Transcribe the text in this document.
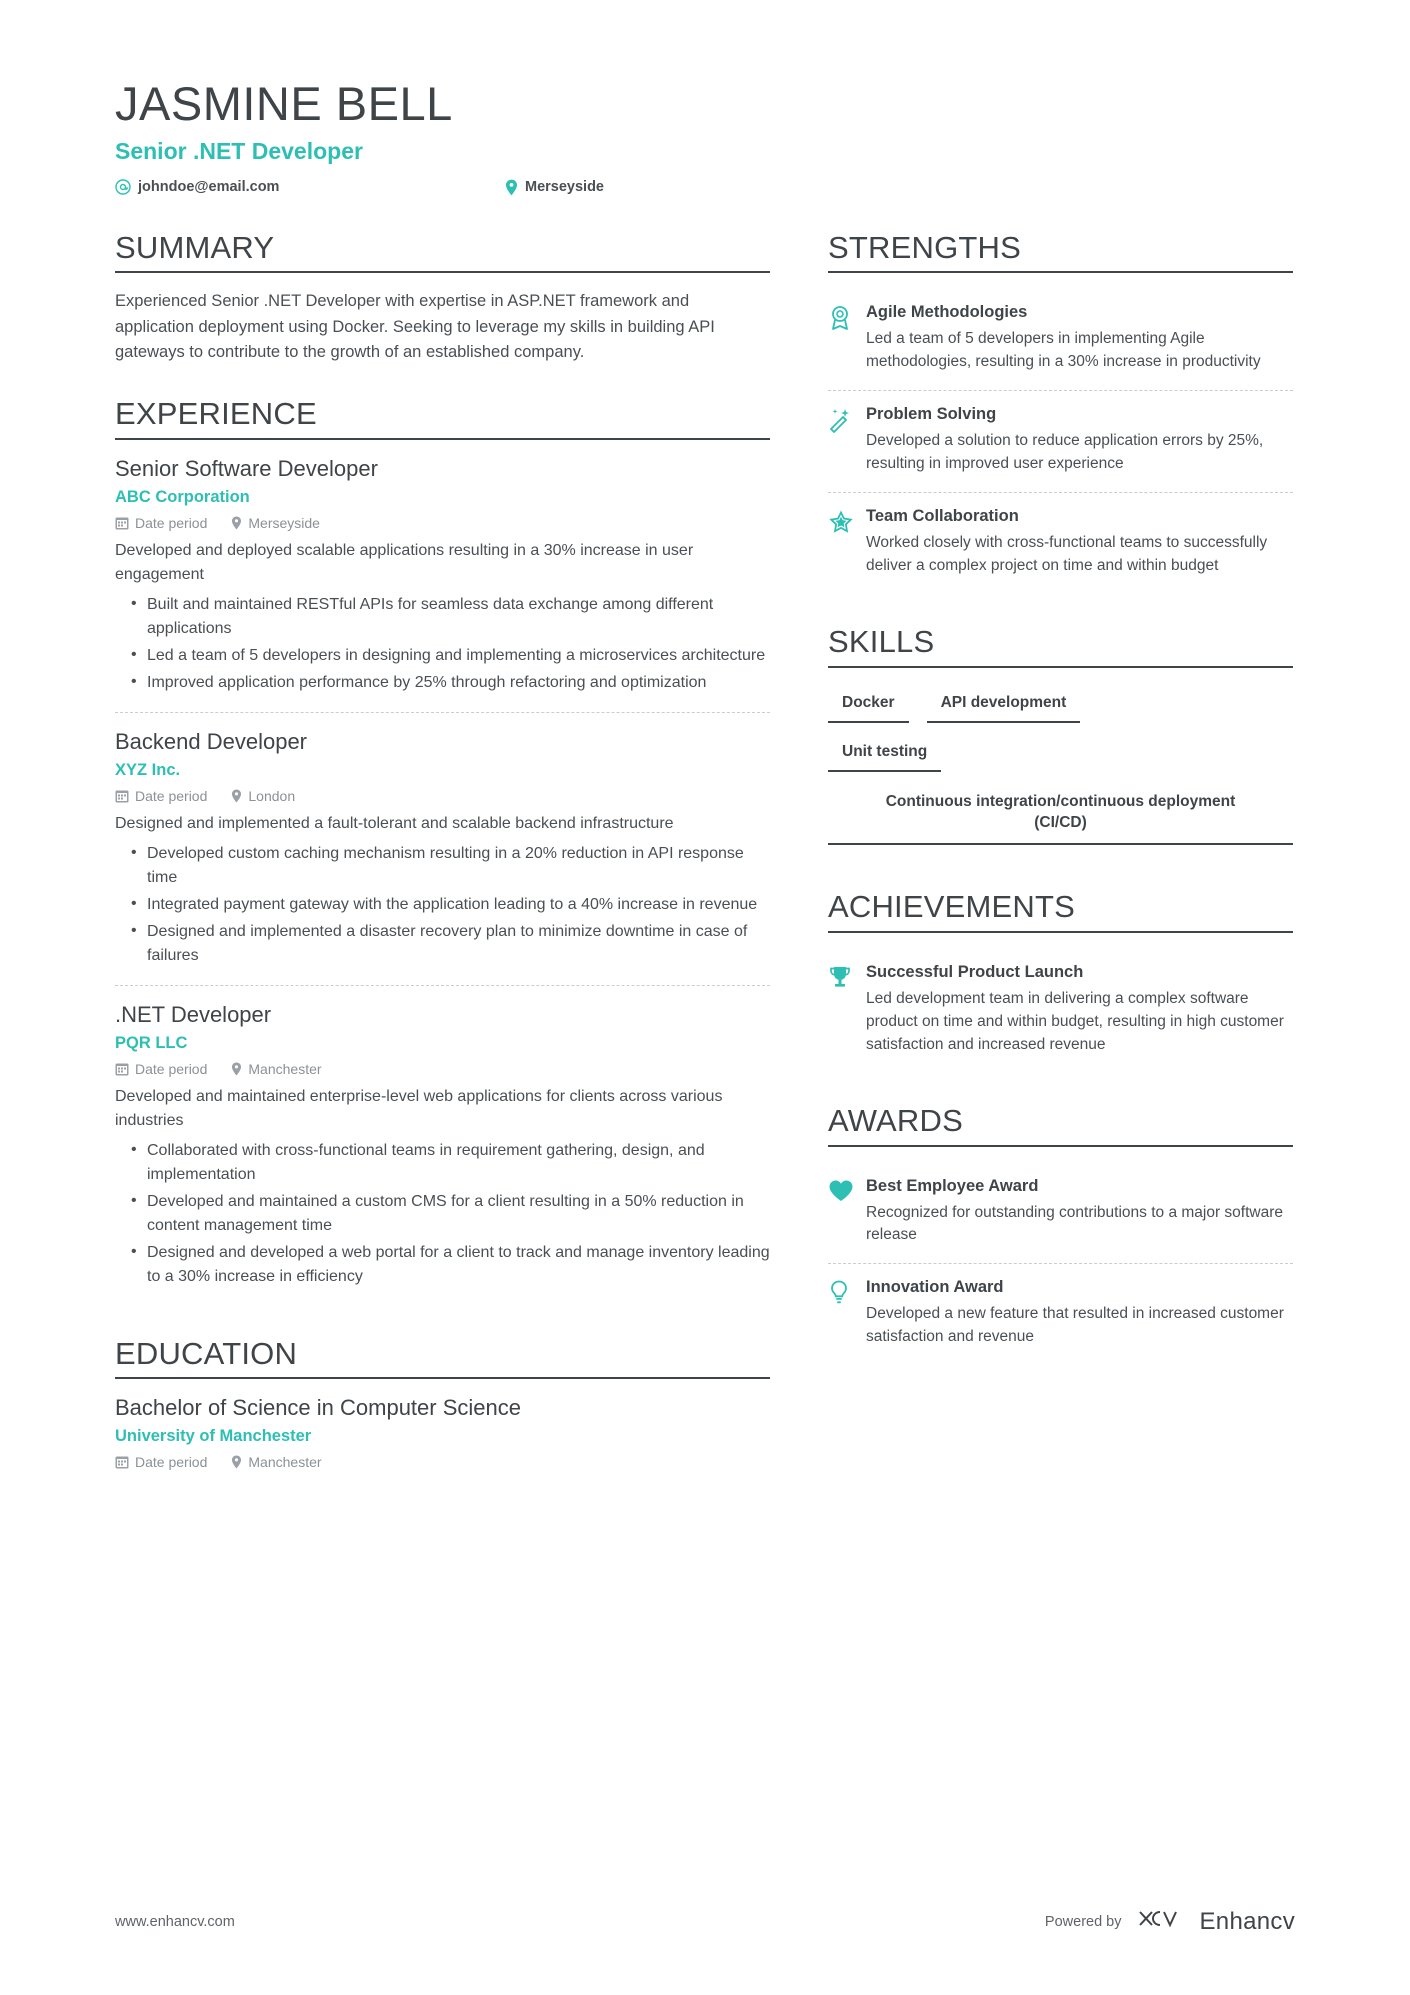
JASMINE BELL
Senior .NET Developer
johndoe@email.com	Merseyside
SUMMARY

Experienced Senior .NET Developer with expertise in ASP.NET framework and application deployment using Docker. Seeking to leverage my skills in building API gateways to contribute to the growth of an established company.

EXPERIENCE
Senior Software Developer
ABC Corporation
Date period	Merseyside

Developed and deployed scalable applications resulting in a 30% increase in user engagement

• Built and maintained RESTful APIs for seamless data exchange among different applications
• Led a team of 5 developers in designing and implementing a microservices architecture
• Improved application performance by 25% through refactoring and optimization
Backend Developer
XYZ Inc.
Date period	London

Designed and implemented a fault-tolerant and scalable backend infrastructure

• Developed custom caching mechanism resulting in a 20% reduction in API response time
• Integrated payment gateway with the application leading to a 40% increase in revenue
• Designed and implemented a disaster recovery plan to minimize downtime in case of failures
.NET Developer
PQR LLC
Date period	Manchester

Developed and maintained enterprise-level web applications for clients across various industries

• Collaborated with cross-functional teams in requirement gathering, design, and implementation
• Developed and maintained a custom CMS for a client resulting in a 50% reduction in content management time
• Designed and developed a web portal for a client to track and manage inventory leading to a 30% increase in efficiency
EDUCATION
Bachelor of Science in Computer Science
University of Manchester
Date period	Manchester
STRENGTHS
Agile Methodologies

Led a team of 5 developers in implementing Agile methodologies, resulting in a 30% increase in productivity

Problem Solving

Developed a solution to reduce application errors by 25%, resulting in improved user experience

Team Collaboration

Worked closely with cross-functional teams to successfully deliver a complex project on time and within budget

SKILLS
Docker	API development
Unit testing
Continuous integration/continuous deployment (CI/CD)
ACHIEVEMENTS
Successful Product Launch

Led development team in delivering a complex software product on time and within budget, resulting in high customer satisfaction and increased revenue

AWARDS
Best Employee Award

Recognized for outstanding contributions to a major software release

Innovation Award

Developed a new feature that resulted in increased customer satisfaction and revenue

www.enhancv.com	Powered by	Enhancv
